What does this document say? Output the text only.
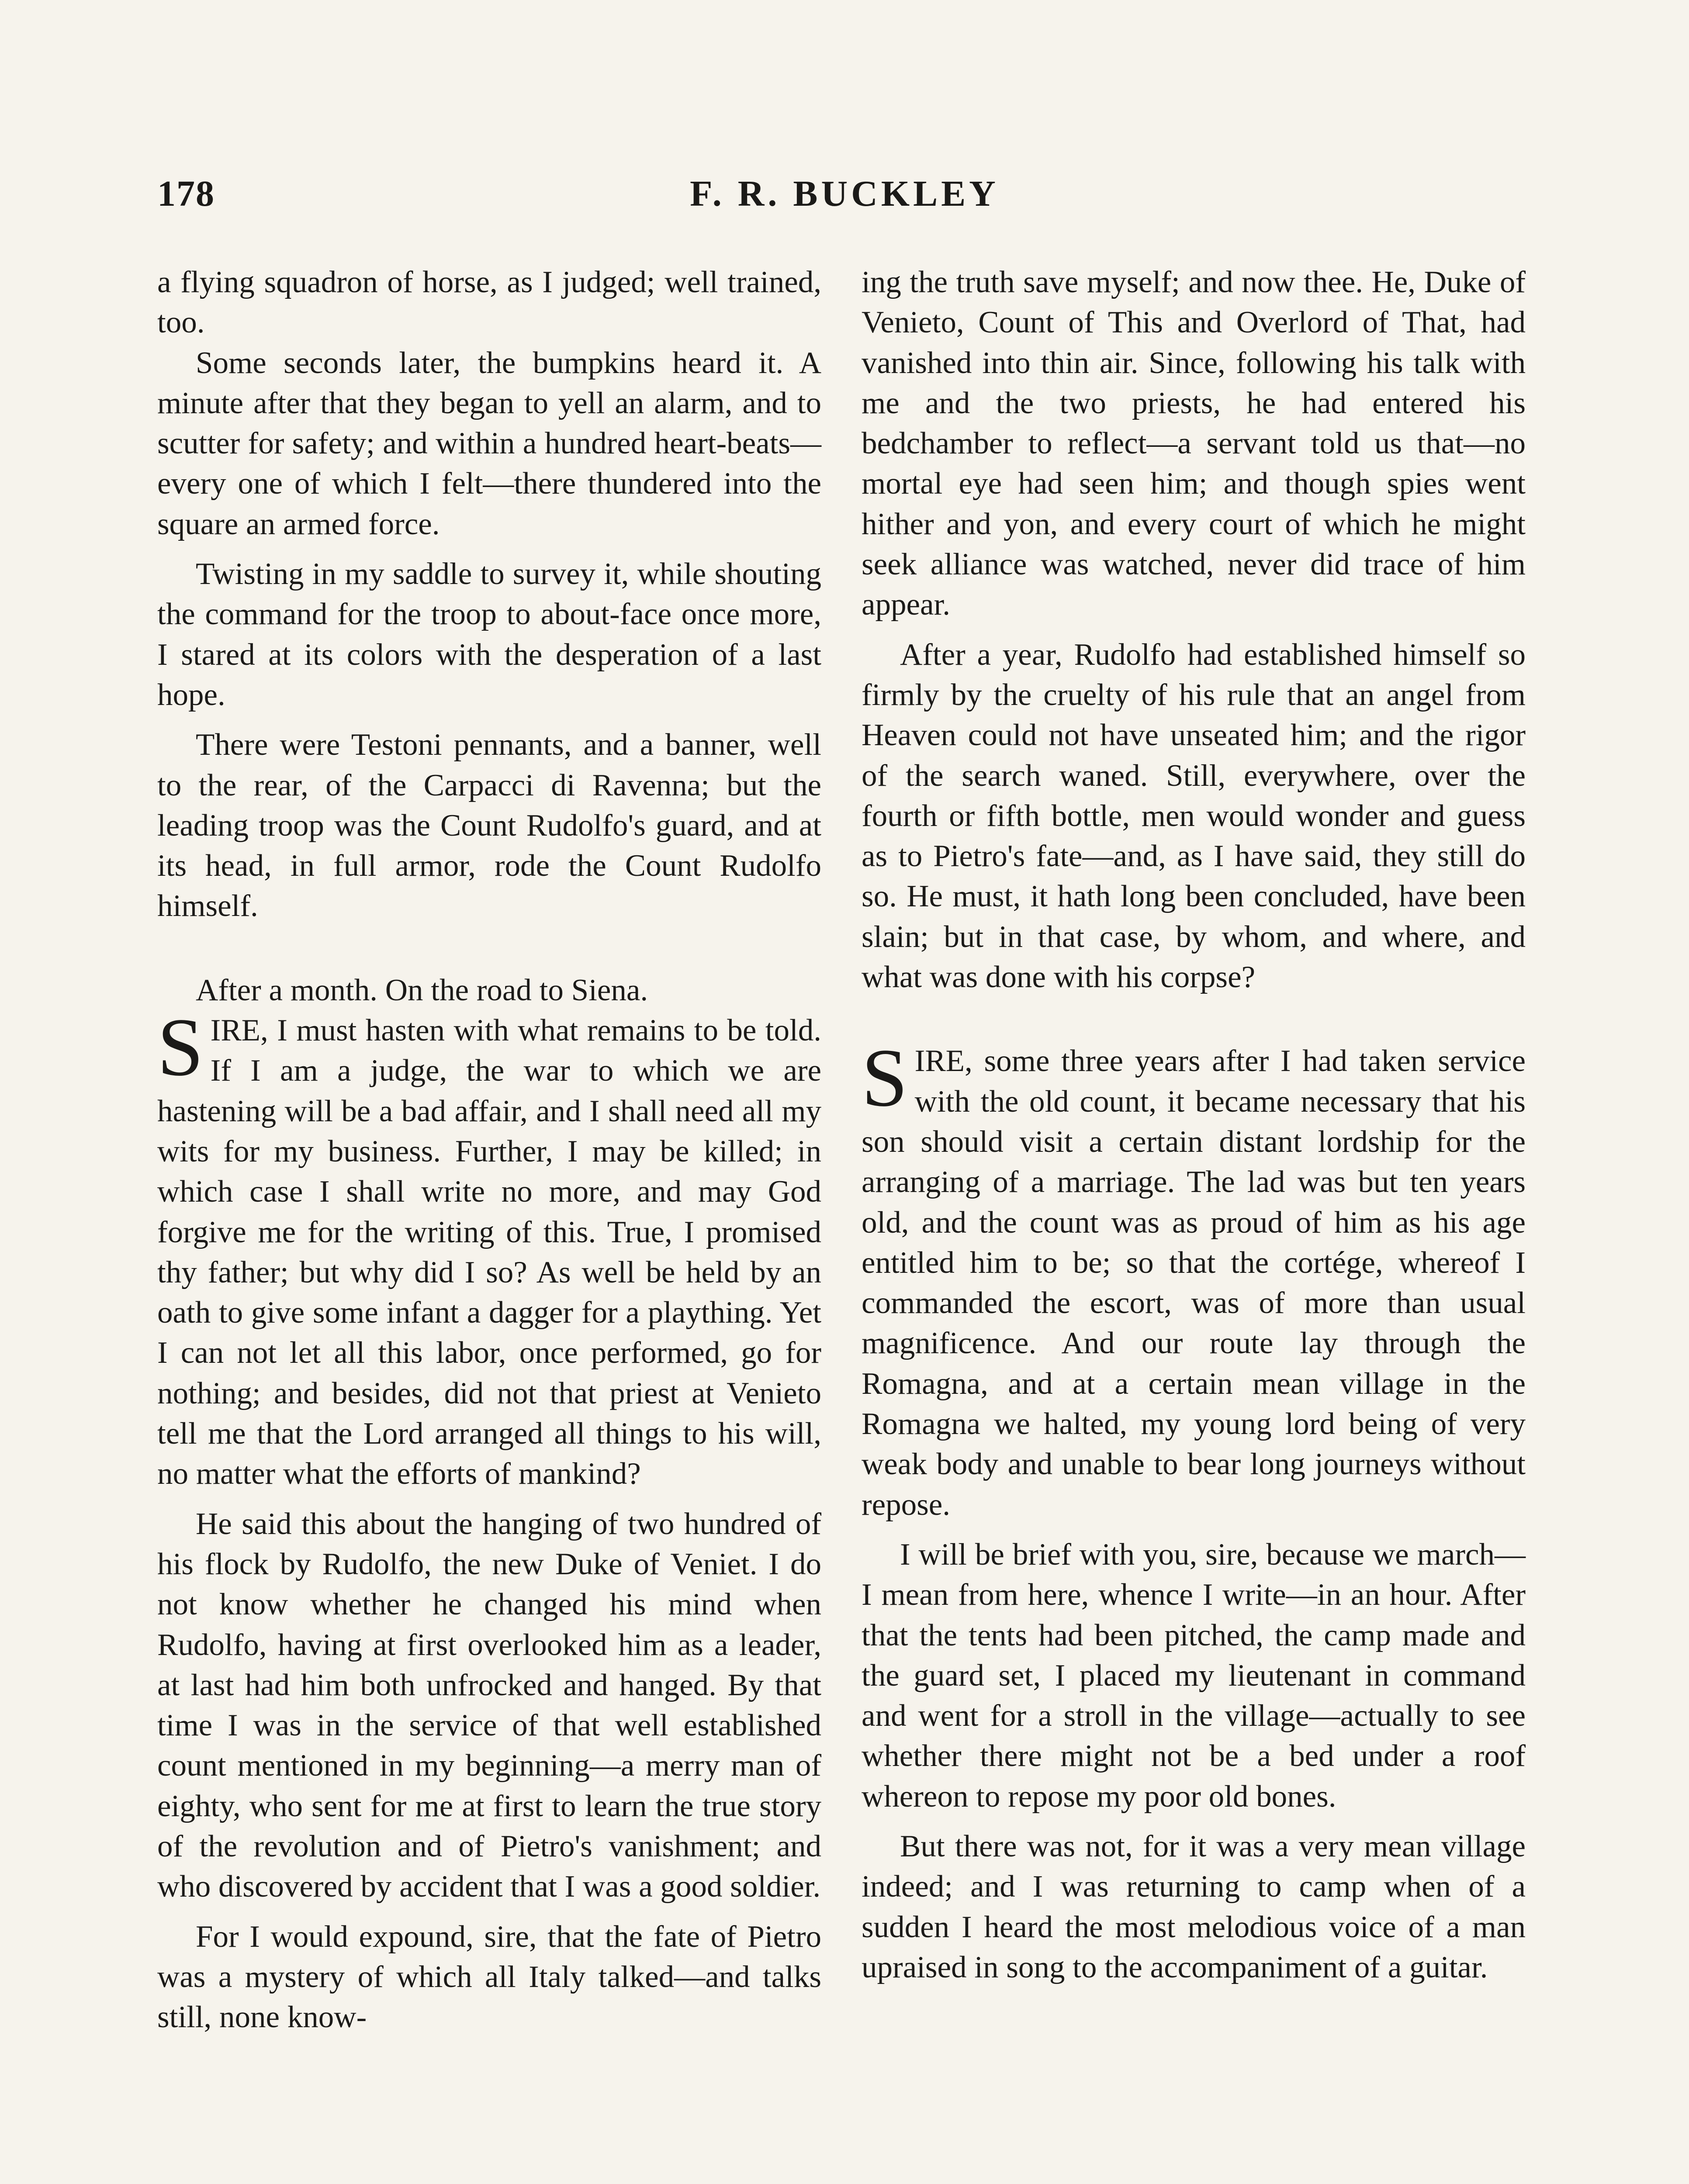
178	F. R. BUCKLEY

a flying squadron of horse, as I judged; well trained, too.

Some seconds later, the bumpkins heard it. A minute after that they began to yell an alarm, and to scutter for safety; and within a hundred heart-beats—every one of which I felt—there thundered into the square an armed force.

Twisting in my saddle to survey it, while shouting the command for the troop to about-face once more, I stared at its colors with the desperation of a last hope.

There were Testoni pennants, and a banner, well to the rear, of the Carpacci di Ravenna; but the leading troop was the Count Rudolfo's guard, and at its head, in full armor, rode the Count Rudolfo himself.

After a month. On the road to Siena.

S IRE, I must hasten with what remains to be told. If I am a judge, the war to which we are hastening will be a bad affair, and I shall need all my wits for my business. Further, I may be killed; in which case I shall write no more, and may God forgive me for the writing of this. True, I promised thy father; but why did I so? As well be held by an oath to give some infant a dagger for a plaything. Yet I can not let all this labor, once performed, go for nothing; and besides, did not that priest at Venieto tell me that the Lord arranged all things to his will, no matter what the efforts of mankind?

He said this about the hanging of two hundred of his flock by Rudolfo, the new Duke of Veniet. I do not know whether he changed his mind when Rudolfo, having at first overlooked him as a leader, at last had him both unfrocked and hanged. By that time I was in the service of that well established count mentioned in my beginning—a merry man of eighty, who sent for me at first to learn the true story of the revolution and of Pietro's vanishment; and who discovered by accident that I was a good soldier.

For I would expound, sire, that the fate of Pietro was a mystery of which all Italy talked—and talks still, none know-

ing the truth save myself; and now thee. He, Duke of Venieto, Count of This and Overlord of That, had vanished into thin air. Since, following his talk with me and the two priests, he had entered his bedchamber to reflect—a servant told us that—no mortal eye had seen him; and though spies went hither and yon, and every court of which he might seek alliance was watched, never did trace of him appear.

After a year, Rudolfo had established himself so firmly by the cruelty of his rule that an angel from Heaven could not have unseated him; and the rigor of the search waned. Still, everywhere, over the fourth or fifth bottle, men would wonder and guess as to Pietro's fate—and, as I have said, they still do so. He must, it hath long been concluded, have been slain; but in that case, by whom, and where, and what was done with his corpse?

S IRE, some three years after I had taken service with the old count, it became necessary that his son should visit a certain distant lordship for the arranging of a marriage. The lad was but ten years old, and the count was as proud of him as his age entitled him to be; so that the cortége, whereof I commanded the escort, was of more than usual magnificence. And our route lay through the Romagna, and at a certain mean village in the Romagna we halted, my young lord being of very weak body and unable to bear long journeys without repose.

I will be brief with you, sire, because we march—I mean from here, whence I write—in an hour. After that the tents had been pitched, the camp made and the guard set, I placed my lieutenant in command and went for a stroll in the village—actually to see whether there might not be a bed under a roof whereon to repose my poor old bones.

But there was not, for it was a very mean village indeed; and I was returning to camp when of a sudden I heard the most melodious voice of a man upraised in song to the accompaniment of a guitar.
